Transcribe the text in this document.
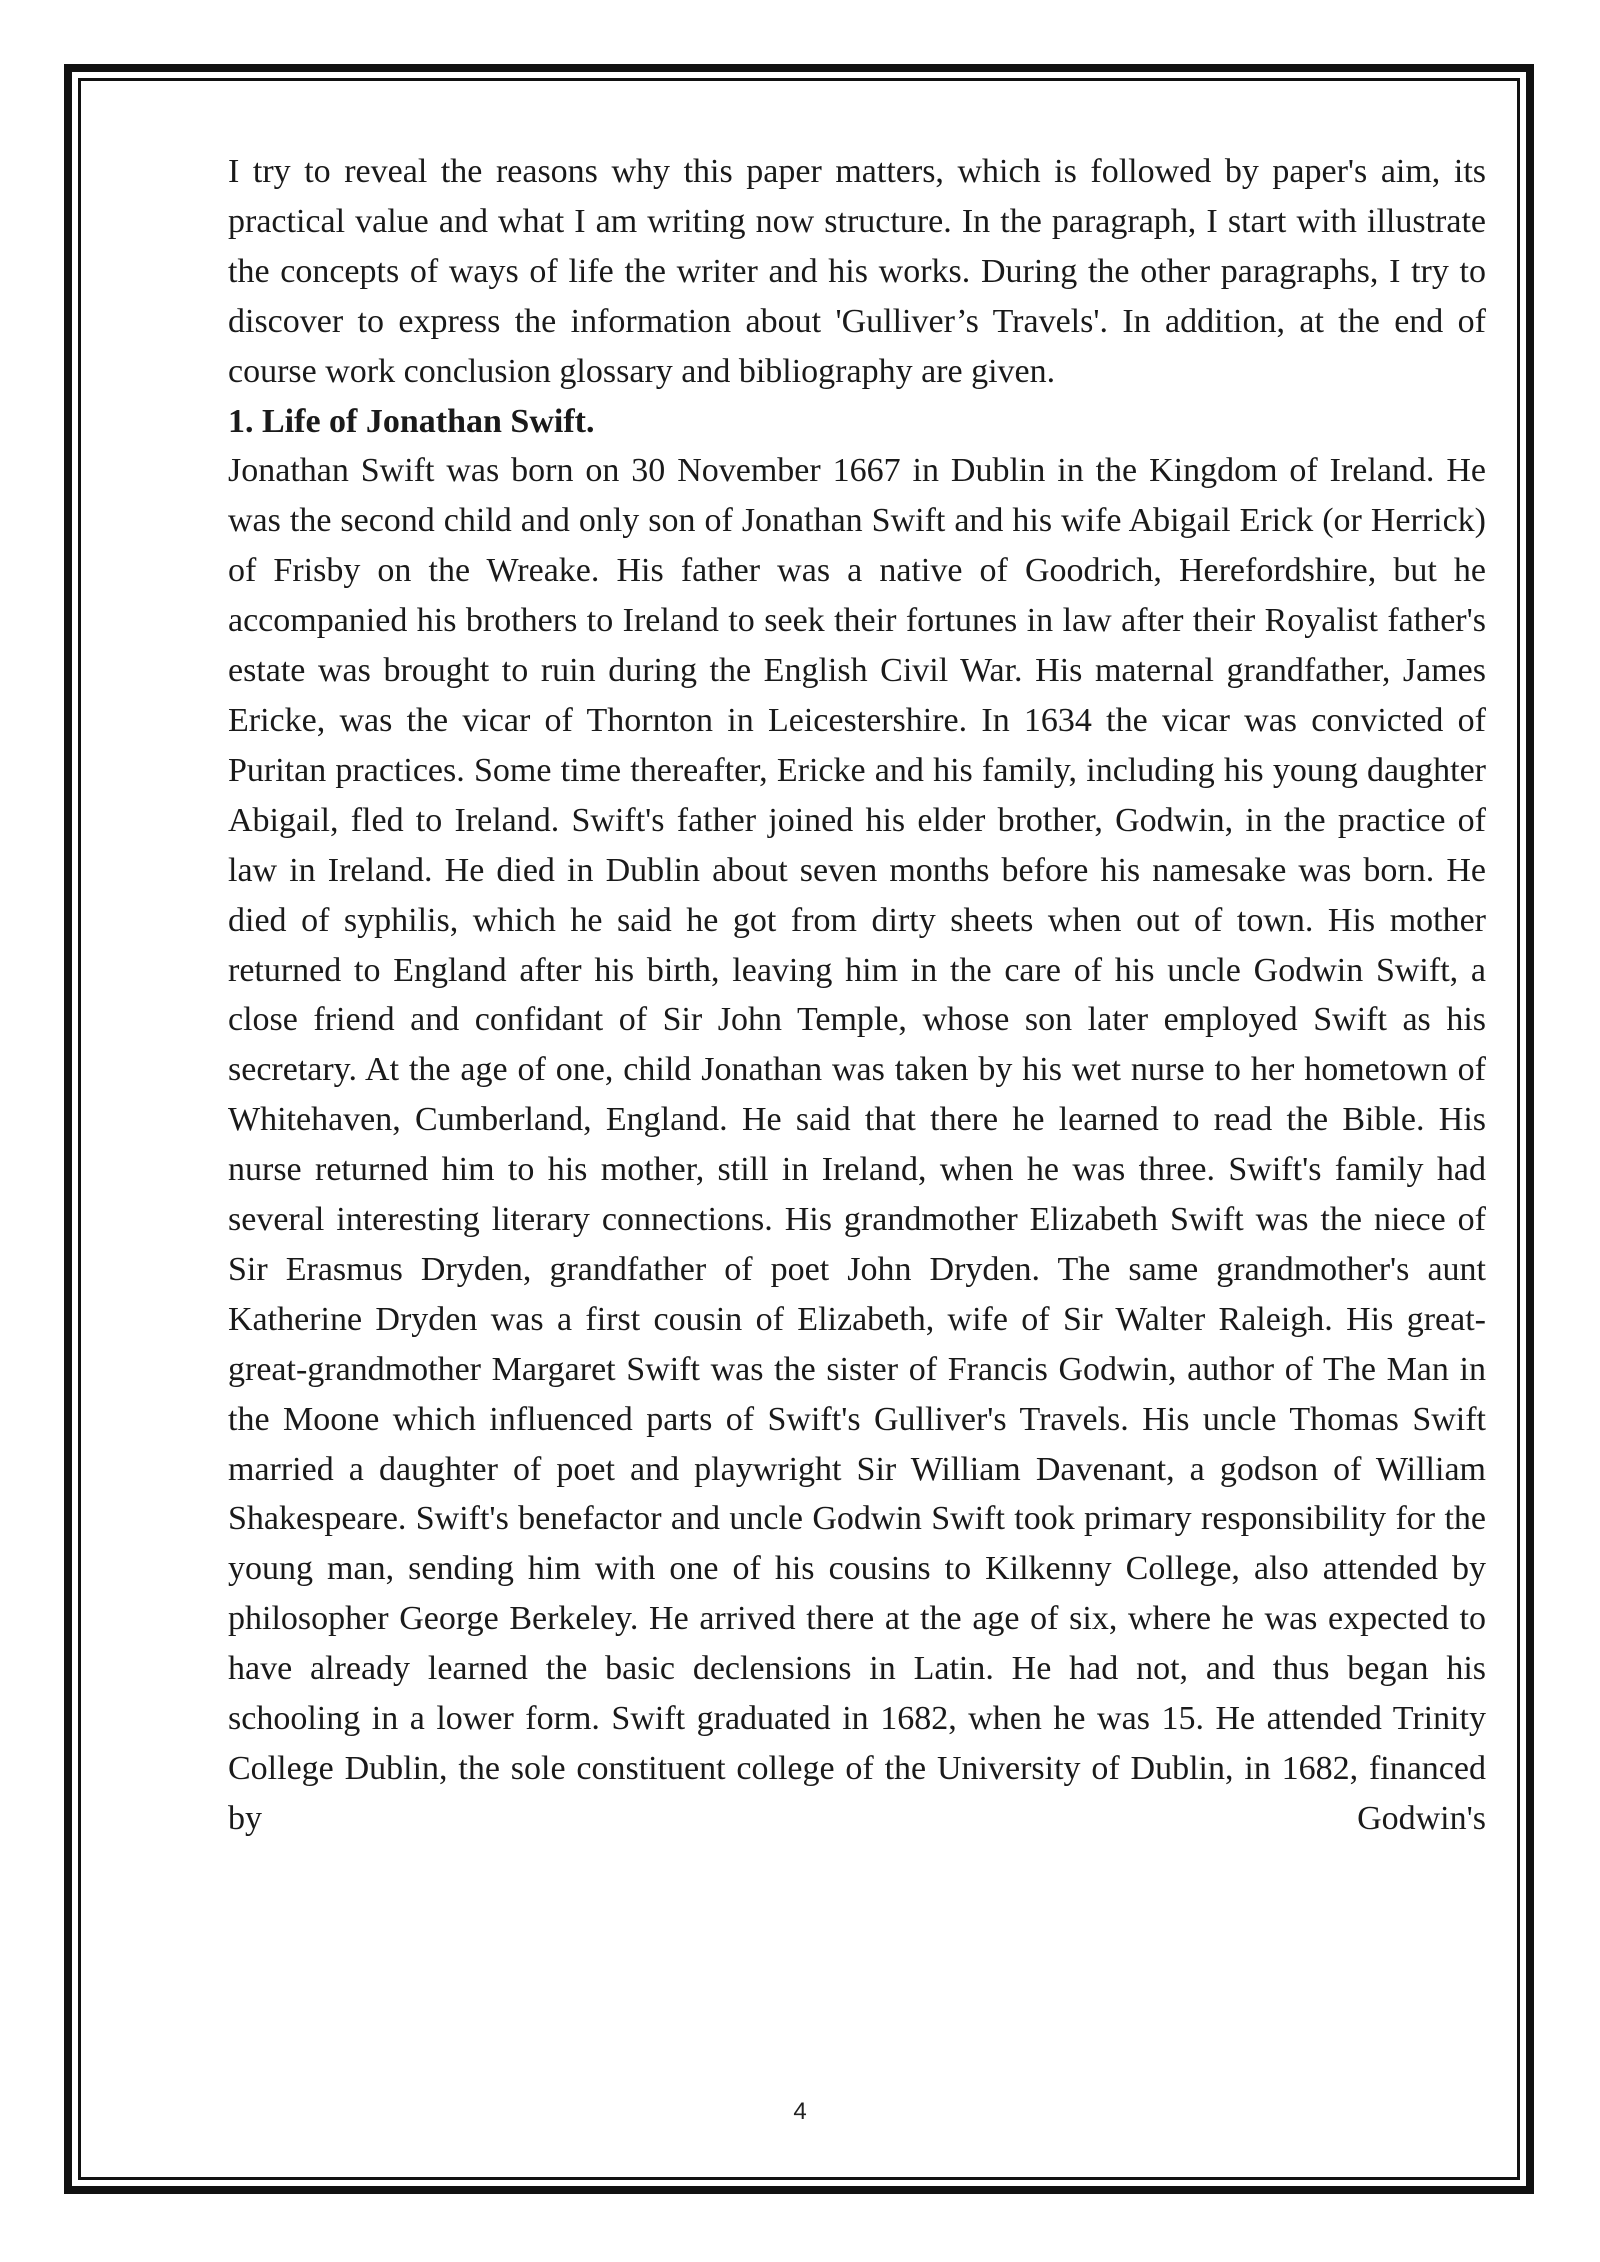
I try to reveal the reasons why this paper matters, which is followed by paper's aim, its practical value and what I am writing now structure. In the paragraph, I start with illustrate the concepts of ways of life the writer and his works. During the other paragraphs, I try to discover to express the information about 'Gulliver’s Travels'. In addition, at the end of course work conclusion glossary and bibliography are given.

1. Life of Jonathan Swift.

Jonathan Swift was born on 30 November 1667 in Dublin in the Kingdom of Ireland. He was the second child and only son of Jonathan Swift and his wife Abigail Erick (or Herrick) of Frisby on the Wreake. His father was a native of Goodrich, Herefordshire, but he accompanied his brothers to Ireland to seek their fortunes in law after their Royalist father's estate was brought to ruin during the English Civil War. His maternal grandfather, James Ericke, was the vicar of Thornton in Leicestershire. In 1634 the vicar was convicted of Puritan practices. Some time thereafter, Ericke and his family, including his young daughter Abigail, fled to Ireland. Swift's father joined his elder brother, Godwin, in the practice of law in Ireland. He died in Dublin about seven months before his namesake was born. He died of syphilis, which he said he got from dirty sheets when out of town. His mother returned to England after his birth, leaving him in the care of his uncle Godwin Swift, a close friend and confidant of Sir John Temple, whose son later employed Swift as his secretary. At the age of one, child Jonathan was taken by his wet nurse to her hometown of Whitehaven, Cumberland, England. He said that there he learned to read the Bible. His nurse returned him to his mother, still in Ireland, when he was three. Swift's family had several interesting literary connections. His grandmother Elizabeth Swift was the niece of Sir Erasmus Dryden, grandfather of poet John Dryden. The same grandmother's aunt Katherine Dryden was a first cousin of Elizabeth, wife of Sir Walter Raleigh. His great-great-grandmother Margaret Swift was the sister of Francis Godwin, author of The Man in the Moone which influenced parts of Swift's Gulliver's Travels. His uncle Thomas Swift married a daughter of poet and playwright Sir William Davenant, a godson of William Shakespeare. Swift's benefactor and uncle Godwin Swift took primary responsibility for the young man, sending him with one of his cousins to Kilkenny College, also attended by philosopher George Berkeley. He arrived there at the age of six, where he was expected to have already learned the basic declensions in Latin. He had not, and thus began his schooling in a lower form. Swift graduated in 1682, when he was 15. He attended Trinity College Dublin, the sole constituent college of the University of Dublin, in 1682, financed by Godwin's

4
